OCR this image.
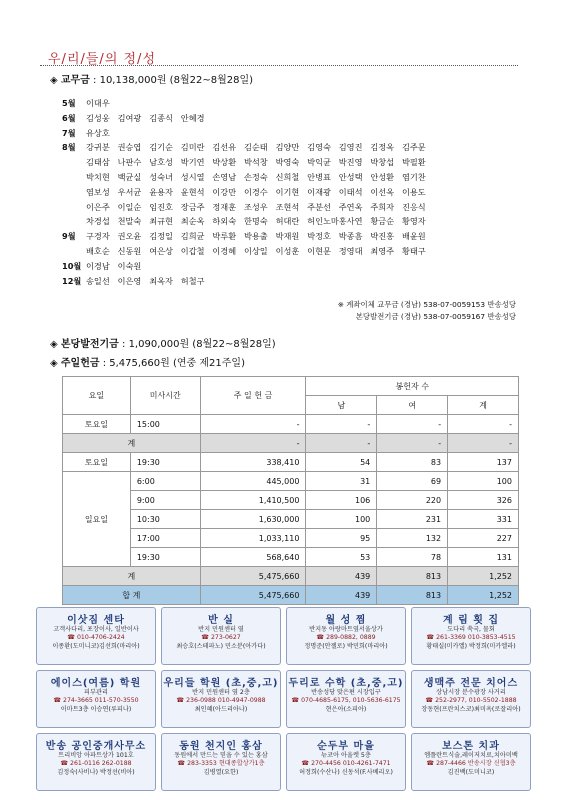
우/리/들/의 정/성
◈ 교무금 : 10,138,000원 (8월22~8월28일)
5월	이대우
6월	김성웅 김여광 김종식 안혜경
7월	유상호
8월	강귀분 권승엽 김기순 김미란 김선유 김순태 김양만 김영숙 김영진 김정옥 김주문
김태삼 나판수 남호성 박기연 박상환 박석창 박영숙 박익균 박진영 박창섭 박필환
박치현 백균실 성숙녀 성시열 손영남 손정숙 신희철 안병표 안성택 안성환 염기찬
염보성 우서균 윤용자 윤현석 이강만 이경수 이기현 이재광 이태석 이선옥 이용도
이은주 이일순 임진호 장금주 정재훈 조성우 조현석 주분선 주연옥 주희자 진응식
차경섭 천말숙 최규현 최순옥 하외숙 한명숙 허대란 허인노마 홍사연 황금순 황영자
9월	구경자 권오윤 김정일 김희균 박루환 박용출 박재원 박정호 박종흠 박진홍 배윤원
배호순 신동원 여은상 이갑철 이경혜 이상일 이성훈 이현문 정영대 최영주 황태구
10월 이경남 이숙원
12월 송일선 이은영 최옥자 허철구
※ 계좌이체 교무금 (경남) 538-07-0059153 반송성당
본당발전기금 (경남) 538-07-0059167 반송성당
◈ 본당발전기금 : 1,090,000원 (8월22~8월28일)
◈ 주일헌금 : 5,475,660원 (연중 제21주일)
요일	미사시간	주 일 헌 금	봉헌자 수		
			남	여	계
토요일	15:00	-	-	-	-
계		-	-	-	-
토요일	19:30	338,410	54	83	137
일요일	6:00	445,000	31	69	100
	9:00	1,410,500	106	220	326
	10:30	1,630,000	100	231	331
	17:00	1,033,110	95	132	227
	19:30	568,640	53	78	131
계		5,475,660	439	813	1,252
합 계		5,475,660	439	813	1,252
이삿짐 센타
고객사다리, 포장이사, 일반이사
☎ 010-4706-2424
이종환(도미니코)김선희(마리아)
반 실
반지 민원센터 옆
☎ 273-0627
최승호(스테파노) 민소분(아가다)
월 성 찜
반지동 아랑마트옆서울상가
☎ 289-0882, 0889
정명준(안젤로) 박민희(마리아)
계 림 횟 집
도다리 쑥국, 물회
☎ 261-3369 010-3853-4515
황태실(미카엘) 박정희(미카엘라)
에이스(여름) 학원
피부관리
☎ 274-3665 011-570-3550
이마트3층 이승연(루피나)
우리들 학원 (초,중,고)
반지 민원센터 옆 2층
☎ 236-0988 010-4947-0988
최인혜(아드리아나)
두리로 수학 (초,중,고)
반송성당 맞은편 시장입구
☎ 070-4685-6175, 010-5636-6175
현은아(소피아)
생맥주 전문 치어스
상남시장 분수광장 사거리
☎ 252-2977, 010-5502-1888
장동현(프란치스코)최미옥(로잘리아)
반송 공인중개사무소
트리비앙 아파트상가 101호
☎ 261-0116 262-0188
김정숙(사비나) 박정선(비아)
동원 천지인 홍삼
동원에서 만드는 믿을 수 있는 홍삼
☎ 283-3353 현대종합상가1층
김병열(요한)
순두부 마을
뉴코아 아울렛 5층
☎ 270-4456 010-4261-7471
허정희(수산나) 신동석(F.사베리오)
보스톤 치과
엠플란트식술,레이저치료,치아미백
☎ 287-4466 반송시장 신협3층
김진백(도미니코)
